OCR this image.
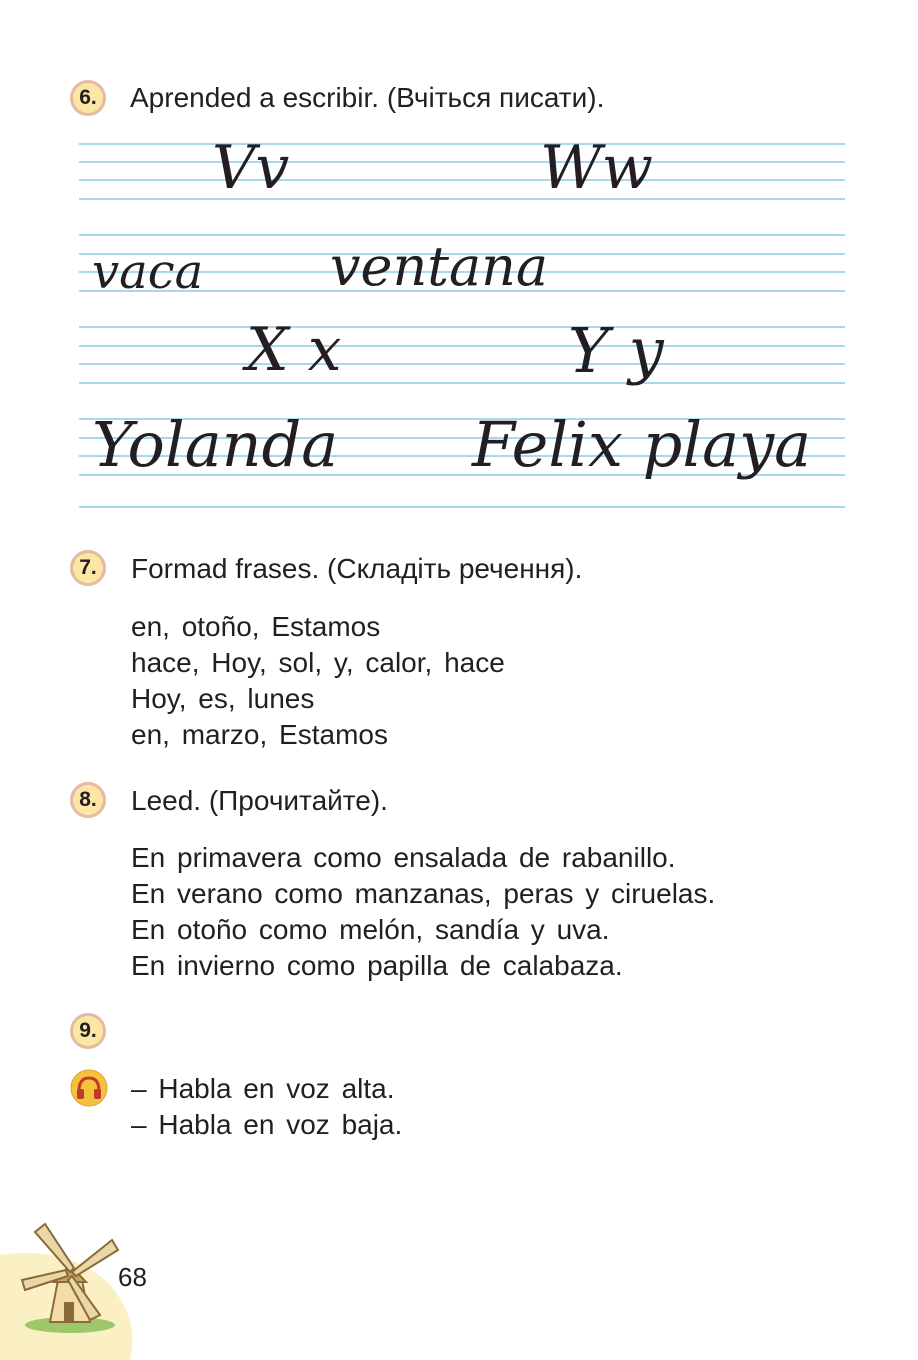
6. Aprended a escribir. (Вчіться писати).
Vv	Ww
vaca ventana
X x	Y y
Yolanda Felix playa
7. Formad frases. (Складіть речення).
en, otoño, Estamos
hace, Hoy, sol, y, calor, hace
Hoy, es, lunes
en, marzo, Estamos
8. Leed. (Прочитайте).
En primavera como ensalada de rabanillo.
En verano como manzanas, peras y ciruelas.
En otoño como melón, sandía y uva.
En invierno como papilla de calabaza.
9.
– Habla en voz alta.
– Habla en voz baja.
68
